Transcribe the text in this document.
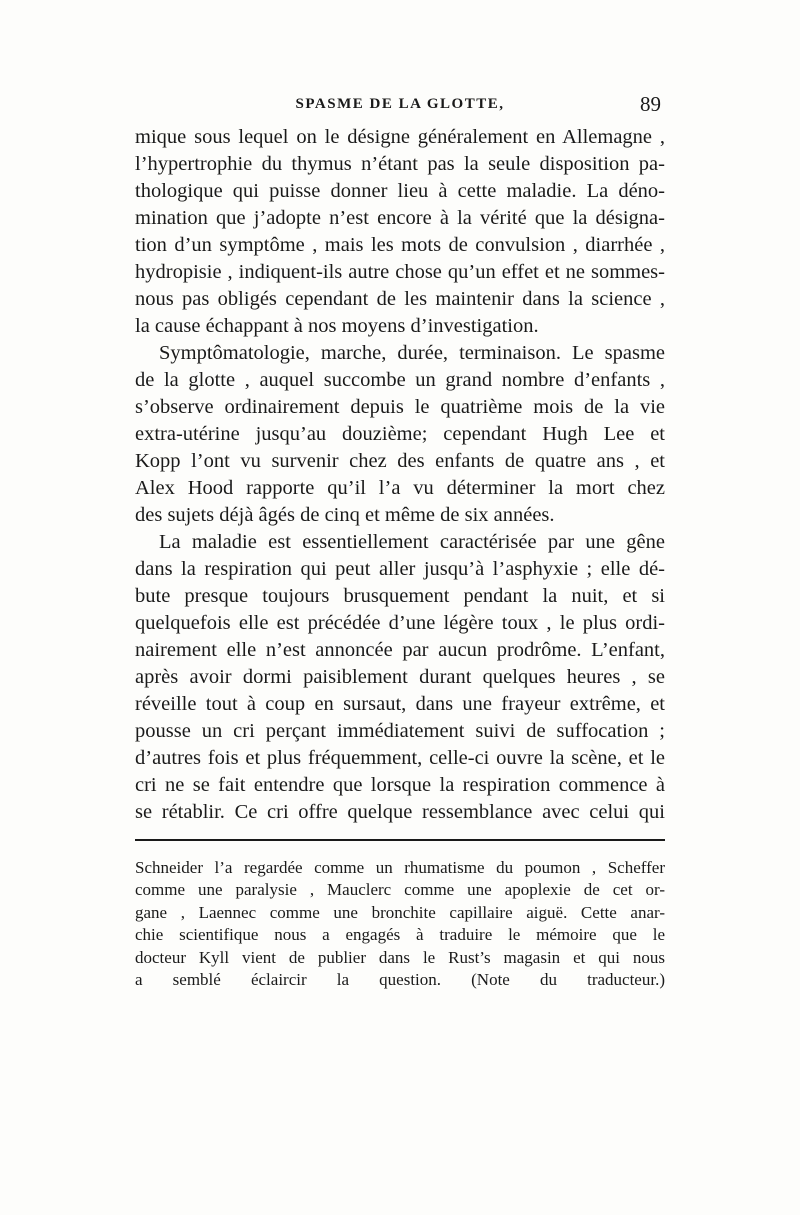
SPASME DE LA GLOTTE,	89
mique sous lequel on le désigne généralement en Allemagne ,
l’hypertrophie du thymus n’étant pas la seule disposition pa-
thologique qui puisse donner lieu à cette maladie. La déno-
mination que j’adopte n’est encore à la vérité que la désigna-
tion d’un symptôme , mais les mots de convulsion , diarrhée ,
hydropisie , indiquent-ils autre chose qu’un effet et ne sommes-
nous pas obligés cependant de les maintenir dans la science ,
la cause échappant à nos moyens d’investigation.
Symptômatologie, marche, durée, terminaison. Le spasme
de la glotte , auquel succombe un grand nombre d’enfants ,
s’observe ordinairement depuis le quatrième mois de la vie
extra-utérine jusqu’au douzième; cependant Hugh Lee et
Kopp l’ont vu survenir chez des enfants de quatre ans , et
Alex Hood rapporte qu’il l’a vu déterminer la mort chez
des sujets déjà âgés de cinq et même de six années.
La maladie est essentiellement caractérisée par une gêne
dans la respiration qui peut aller jusqu’à l’asphyxie ; elle dé-
bute presque toujours brusquement pendant la nuit, et si
quelquefois elle est précédée d’une légère toux , le plus ordi-
nairement elle n’est annoncée par aucun prodrôme. L’enfant,
après avoir dormi paisiblement durant quelques heures , se
réveille tout à coup en sursaut, dans une frayeur extrême, et
pousse un cri perçant immédiatement suivi de suffocation ;
d’autres fois et plus fréquemment, celle-ci ouvre la scène, et le
cri ne se fait entendre que lorsque la respiration commence à
se rétablir. Ce cri offre quelque ressemblance avec celui qui
Schneider l’a regardée comme un rhumatisme du poumon , Scheffer
comme une paralysie , Mauclerc comme une apoplexie de cet or-
gane , Laennec comme une bronchite capillaire aiguë. Cette anar-
chie scientifique nous a engagés à traduire le mémoire que le
docteur Kyll vient de publier dans le Rust’s magasin et qui nous
a semblé éclaircir la question. (Note du traducteur.)
